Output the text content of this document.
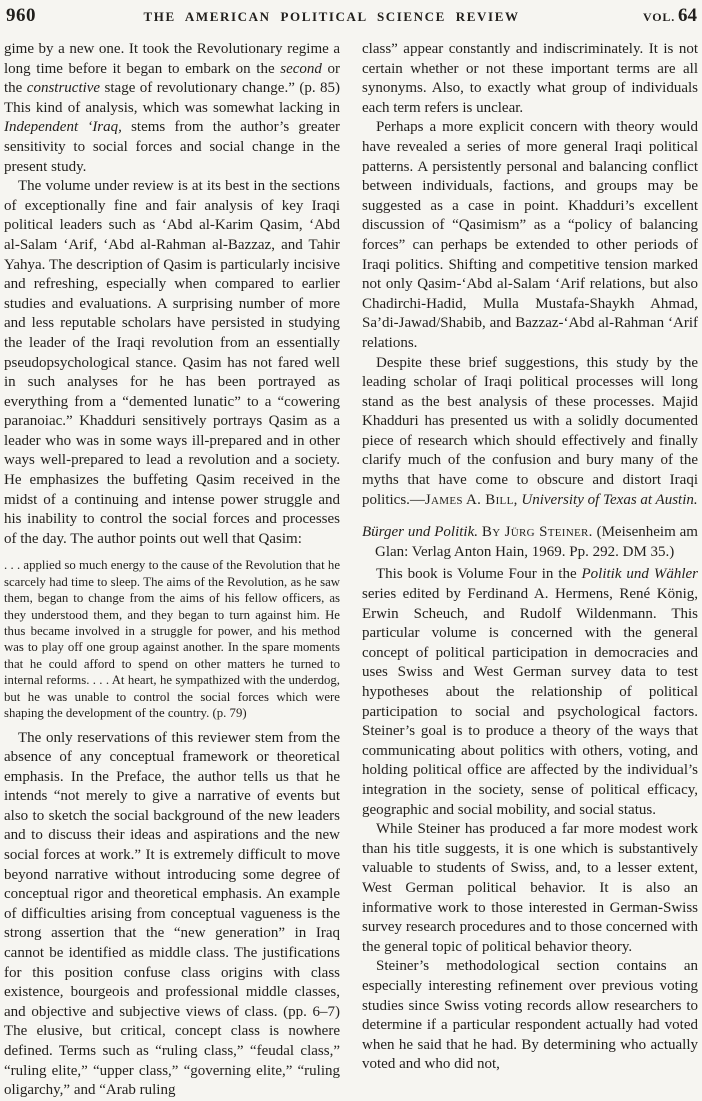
960	THE AMERICAN POLITICAL SCIENCE REVIEW	VOL. 64

gime by a new one. It took the Revolutionary regime a long time before it began to embark on the second or the constructive stage of revolutionary change.” (p. 85) This kind of analysis, which was somewhat lacking in Independent ‘Iraq, stems from the author’s greater sensitivity to social forces and social change in the present study.

The volume under review is at its best in the sections of exceptionally fine and fair analysis of key Iraqi political leaders such as ‘Abd al-Karim Qasim, ‘Abd al-Salam ‘Arif, ‘Abd al-Rahman al-Bazzaz, and Tahir Yahya. The description of Qasim is particularly incisive and refreshing, especially when compared to earlier studies and evaluations. A surprising number of more and less reputable scholars have persisted in studying the leader of the Iraqi revolution from an essentially pseudopsychological stance. Qasim has not fared well in such analyses for he has been portrayed as everything from a “demented lunatic” to a “cowering paranoiac.” Khadduri sensitively portrays Qasim as a leader who was in some ways ill-prepared and in other ways well-prepared to lead a revolution and a society. He emphasizes the buffeting Qasim received in the midst of a continuing and intense power struggle and his inability to control the social forces and processes of the day. The author points out well that Qasim:

. . . applied so much energy to the cause of the Revolution that he scarcely had time to sleep. The aims of the Revolution, as he saw them, began to change from the aims of his fellow officers, as they understood them, and they began to turn against him. He thus became involved in a struggle for power, and his method was to play off one group against another. In the spare moments that he could afford to spend on other matters he turned to internal reforms. . . . At heart, he sympathized with the underdog, but he was unable to control the social forces which were shaping the development of the country. (p. 79)

The only reservations of this reviewer stem from the absence of any conceptual framework or theoretical emphasis. In the Preface, the author tells us that he intends “not merely to give a narrative of events but also to sketch the social background of the new leaders and to discuss their ideas and aspirations and the new social forces at work.” It is extremely difficult to move beyond narrative without introducing some degree of conceptual rigor and theoretical emphasis. An example of difficulties arising from conceptual vagueness is the strong assertion that the “new generation” in Iraq cannot be identified as middle class. The justifications for this position confuse class origins with class existence, bourgeois and professional middle classes, and objective and subjective views of class. (pp. 6–7) The elusive, but critical, concept class is nowhere defined. Terms such as “ruling class,” “feudal class,” “ruling elite,” “upper class,” “governing elite,” “ruling oligarchy,” and “Arab ruling

class” appear constantly and indiscriminately. It is not certain whether or not these important terms are all synonyms. Also, to exactly what group of individuals each term refers is unclear.

Perhaps a more explicit concern with theory would have revealed a series of more general Iraqi political patterns. A persistently personal and balancing conflict between individuals, factions, and groups may be suggested as a case in point. Khadduri’s excellent discussion of “Qasimism” as a “policy of balancing forces” can perhaps be extended to other periods of Iraqi politics. Shifting and competitive tension marked not only Qasim-‘Abd al-Salam ‘Arif relations, but also Chadirchi-Hadid, Mulla Mustafa-Shaykh Ahmad, Sa’di-Jawad/Shabib, and Bazzaz-‘Abd al-Rahman ‘Arif relations.

Despite these brief suggestions, this study by the leading scholar of Iraqi political processes will long stand as the best analysis of these processes. Majid Khadduri has presented us with a solidly documented piece of research which should effectively and finally clarify much of the confusion and bury many of the myths that have come to obscure and distort Iraqi politics.—James A. Bill, University of Texas at Austin.

Bürger und Politik. By Jürg Steiner. (Meisenheim am Glan: Verlag Anton Hain, 1969. Pp. 292. DM 35.)

This book is Volume Four in the Politik und Wähler series edited by Ferdinand A. Hermens, René König, Erwin Scheuch, and Rudolf Wildenmann. This particular volume is concerned with the general concept of political participation in democracies and uses Swiss and West German survey data to test hypotheses about the relationship of political participation to social and psychological factors. Steiner’s goal is to produce a theory of the ways that communicating about politics with others, voting, and holding political office are affected by the individual’s integration in the society, sense of political efficacy, geographic and social mobility, and social status.

While Steiner has produced a far more modest work than his title suggests, it is one which is substantively valuable to students of Swiss, and, to a lesser extent, West German political behavior. It is also an informative work to those interested in German-Swiss survey research procedures and to those concerned with the general topic of political behavior theory.

Steiner’s methodological section contains an especially interesting refinement over previous voting studies since Swiss voting records allow researchers to determine if a particular respondent actually had voted when he said that he had. By determining who actually voted and who did not,
